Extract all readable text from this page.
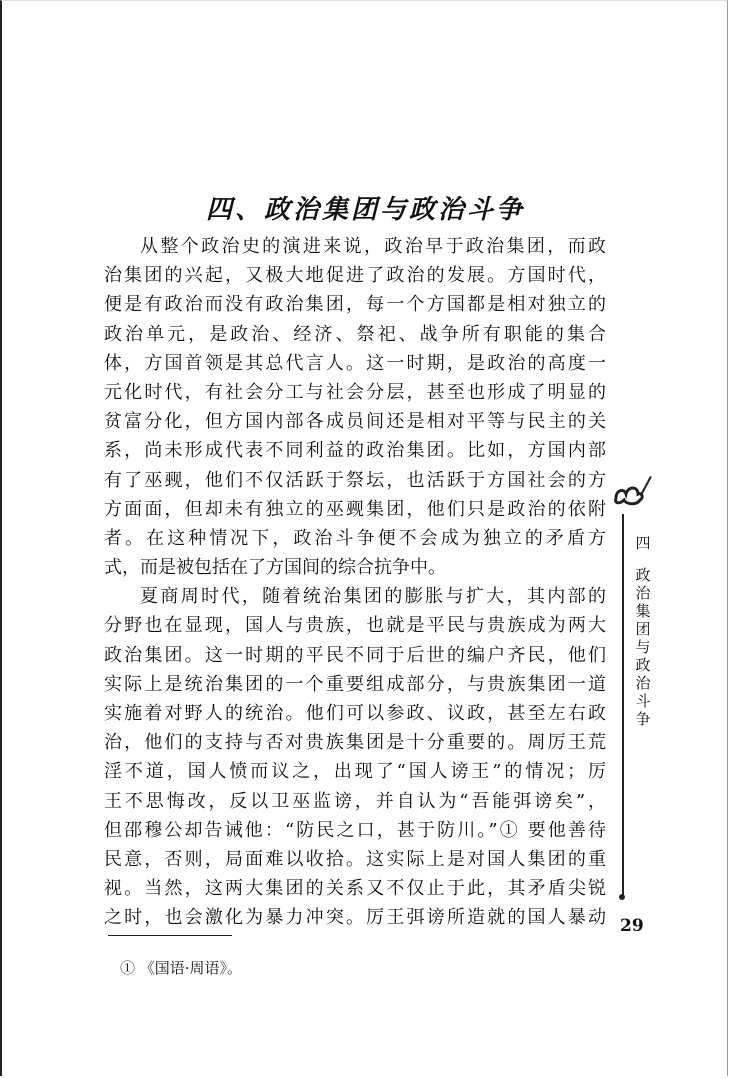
四、政治集团与政治斗争

从整个政治史的演进来说，政治早于政治集团，而政
治集团的兴起，又极大地促进了政治的发展。方国时代，
便是有政治而没有政治集团，每一个方国都是相对独立的
政治单元，是政治、经济、祭祀、战争所有职能的集合
体，方国首领是其总代言人。这一时期，是政治的高度一
元化时代，有社会分工与社会分层，甚至也形成了明显的
贫富分化，但方国内部各成员间还是相对平等与民主的关
系，尚未形成代表不同利益的政治集团。比如，方国内部
有了巫觋，他们不仅活跃于祭坛，也活跃于方国社会的方
方面面，但却未有独立的巫觋集团，他们只是政治的依附
者。在这种情况下，政治斗争便不会成为独立的矛盾方
式，而是被包括在了方国间的综合抗争中。

夏商周时代，随着统治集团的膨胀与扩大，其内部的
分野也在显现，国人与贵族，也就是平民与贵族成为两大
政治集团。这一时期的平民不同于后世的编户齐民，他们
实际上是统治集团的一个重要组成部分，与贵族集团一道
实施着对野人的统治。他们可以参政、议政，甚至左右政
治，他们的支持与否对贵族集团是十分重要的。周厉王荒
淫不道，国人愤而议之，出现了“国人谤王”的情况；厉
王不思悔改，反以卫巫监谤，并自认为“吾能弭谤矣”，
但邵穆公却告诫他：“防民之口，甚于防川。”① 要他善待
民意，否则，局面难以收拾。这实际上是对国人集团的重
视。当然，这两大集团的关系又不仅止于此，其矛盾尖锐
之时，也会激化为暴力冲突。厉王弭谤所造就的国人暴动

四
政治集团与政治斗争
29
① 《国语·周语》。
